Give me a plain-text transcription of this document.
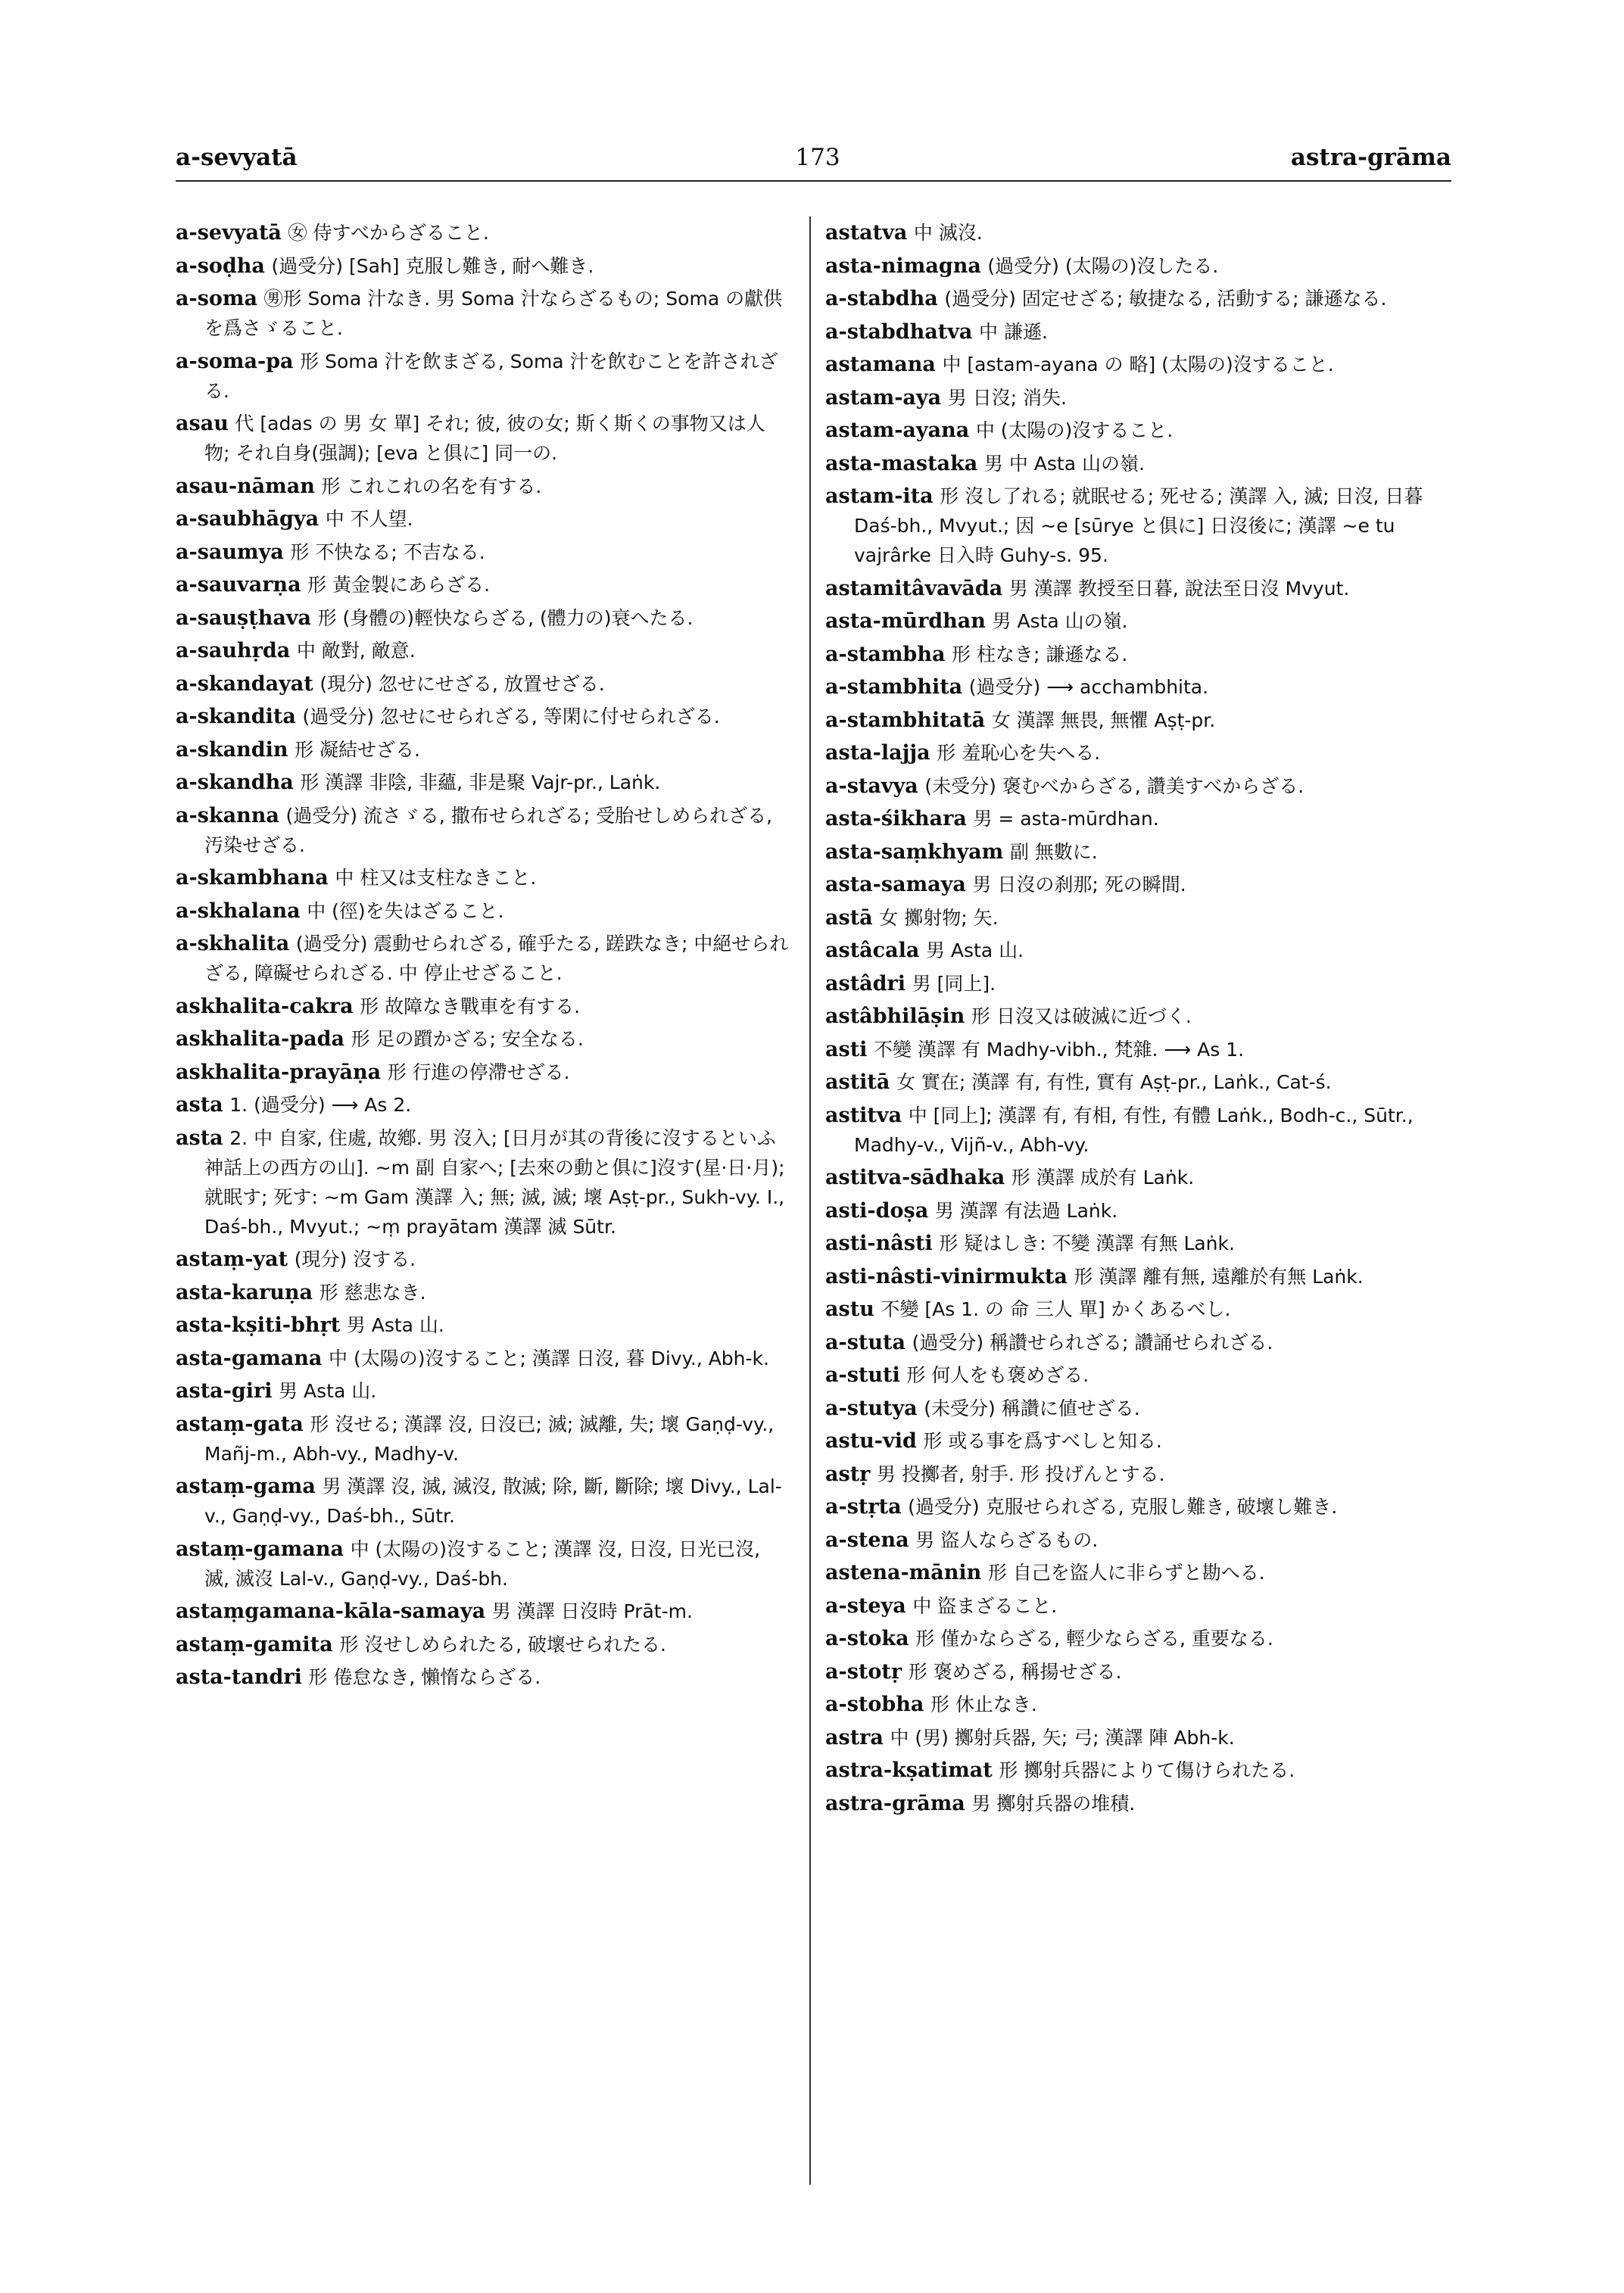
a-sevyatā	173	astra-grāma
a-sevyatā ㊛ 侍すべからざること.
a-soḍha (過受分) [Sah] 克服し難き, 耐へ難き.
a-soma ㊚形 Soma 汁なき. 男 Soma 汁ならざるもの; Soma の獻供を爲さゞること.
a-soma-pa 形 Soma 汁を飲まざる, Soma 汁を飲むことを許されざる.
asau 代 [adas の 男 女 單] それ; 彼, 彼の女; 斯く斯くの事物又は人物; それ自身(强調); [eva と俱に] 同一の.
asau-nāman 形 これこれの名を有する.
a-saubhāgya 中 不人望.
a-saumya 形 不快なる; 不吉なる.
a-sauvarṇa 形 黃金製にあらざる.
a-sauṣṭhava 形 (身體の)輕快ならざる, (體力の)衰へたる.
a-sauhṛda 中 敵對, 敵意.
a-skandayat (現分) 忽せにせざる, 放置せざる.
a-skandita (過受分) 忽せにせられざる, 等閑に付せられざる.
a-skandin 形 凝結せざる.
a-skandha 形 漢譯 非陰, 非蘊, 非是聚 Vajr-pr., Laṅk.
a-skanna (過受分) 流さゞる, 撒布せられざる; 受胎せしめられざる, 汚染せざる.
a-skambhana 中 柱又は支柱なきこと.
a-skhalana 中 (徑)を失はざること.
a-skhalita (過受分) 震動せられざる, 確乎たる, 蹉跌なき; 中絕せられざる, 障礙せられざる. 中 停止せざること.
askhalita-cakra 形 故障なき戰車を有する.
askhalita-pada 形 足の躓かざる; 安全なる.
askhalita-prayāṇa 形 行進の停滯せざる.
asta 1. (過受分) ⟶ As 2.
asta 2. 中 自家, 住處, 故鄕. 男 沒入; [日月が其の背後に沒するといふ神話上の西方の山]. ∼m 副 自家へ; [去來の動と俱に]沒す(星·日·月); 就眠す; 死す: ∼m Gam 漢譯 入; 無; 滅, 滅; 壞 Aṣṭ-pr., Sukh-vy. I., Daś-bh., Mvyut.; ∼ṃ prayātam 漢譯 滅 Sūtr.
astaṃ-yat (現分) 沒する.
asta-karuṇa 形 慈悲なき.
asta-kṣiti-bhṛt 男 Asta 山.
asta-gamana 中 (太陽の)沒すること; 漢譯 日沒, 暮 Divy., Abh-k.
asta-giri 男 Asta 山.
astaṃ-gata 形 沒せる; 漢譯 沒, 日沒已; 滅; 滅離, 失; 壞 Gaṇḍ-vy., Mañj-m., Abh-vy., Madhy-v.
astaṃ-gama 男 漢譯 沒, 滅, 滅沒, 散滅; 除, 斷, 斷除; 壞 Divy., Lal-v., Gaṇḍ-vy., Daś-bh., Sūtr.
astaṃ-gamana 中 (太陽の)沒すること; 漢譯 沒, 日沒, 日光已沒, 滅, 滅沒 Lal-v., Gaṇḍ-vy., Daś-bh.
astaṃgamana-kāla-samaya 男 漢譯 日沒時 Prāt-m.
astaṃ-gamita 形 沒せしめられたる, 破壞せられたる.
asta-tandri 形 倦怠なき, 懶惰ならざる.
astatva 中 滅沒.
asta-nimagna (過受分) (太陽の)沒したる.
a-stabdha (過受分) 固定せざる; 敏捷なる, 活動する; 謙遜なる.
a-stabdhatva 中 謙遜.
astamana 中 [astam-ayana の 略] (太陽の)沒すること.
astam-aya 男 日沒; 消失.
astam-ayana 中 (太陽の)沒すること.
asta-mastaka 男 中 Asta 山の嶺.
astam-ita 形 沒し了れる; 就眠せる; 死せる; 漢譯 入, 滅; 日沒, 日暮 Daś-bh., Mvyut.; 因 ∼e [sūrye と俱に] 日沒後に; 漢譯 ∼e tu vajrârke 日入時 Guhy-s. 95.
astamitâvavāda 男 漢譯 教授至日暮, 說法至日沒 Mvyut.
asta-mūrdhan 男 Asta 山の嶺.
a-stambha 形 柱なき; 謙遜なる.
a-stambhita (過受分) ⟶ acchambhita.
a-stambhitatā 女 漢譯 無畏, 無懼 Aṣṭ-pr.
asta-lajja 形 羞恥心を失へる.
a-stavya (未受分) 褒むべからざる, 讚美すべからざる.
asta-śikhara 男 = asta-mūrdhan.
asta-saṃkhyam 副 無數に.
asta-samaya 男 日沒の刹那; 死の瞬間.
astā 女 擲射物; 矢.
astâcala 男 Asta 山.
astâdri 男 [同上].
astâbhilāṣin 形 日沒又は破滅に近づく.
asti 不變 漢譯 有 Madhy-vibh., 梵雜. ⟶ As 1.
astitā 女 實在; 漢譯 有, 有性, 實有 Aṣṭ-pr., Laṅk., Cat-ś.
astitva 中 [同上]; 漢譯 有, 有相, 有性, 有體 Laṅk., Bodh-c., Sūtr., Madhy-v., Vijñ-v., Abh-vy.
astitva-sādhaka 形 漢譯 成於有 Laṅk.
asti-doṣa 男 漢譯 有法過 Laṅk.
asti-nâsti 形 疑はしき: 不變 漢譯 有無 Laṅk.
asti-nâsti-vinirmukta 形 漢譯 離有無, 遠離於有無 Laṅk.
astu 不變 [As 1. の 命 三人 單] かくあるべし.
a-stuta (過受分) 稱讚せられざる; 讚誦せられざる.
a-stuti 形 何人をも褒めざる.
a-stutya (未受分) 稱讚に値せざる.
astu-vid 形 或る事を爲すべしと知る.
astṛ 男 投擲者, 射手. 形 投げんとする.
a-stṛta (過受分) 克服せられざる, 克服し難き, 破壞し難き.
a-stena 男 盜人ならざるもの.
astena-mānin 形 自己を盜人に非らずと勘へる.
a-steya 中 盜まざること.
a-stoka 形 僅かならざる, 輕少ならざる, 重要なる.
a-stotṛ 形 褒めざる, 稱揚せざる.
a-stobha 形 休止なき.
astra 中 (男) 擲射兵器, 矢; 弓; 漢譯 陣 Abh-k.
astra-kṣatimat 形 擲射兵器によりて傷けられたる.
astra-grāma 男 擲射兵器の堆積.
